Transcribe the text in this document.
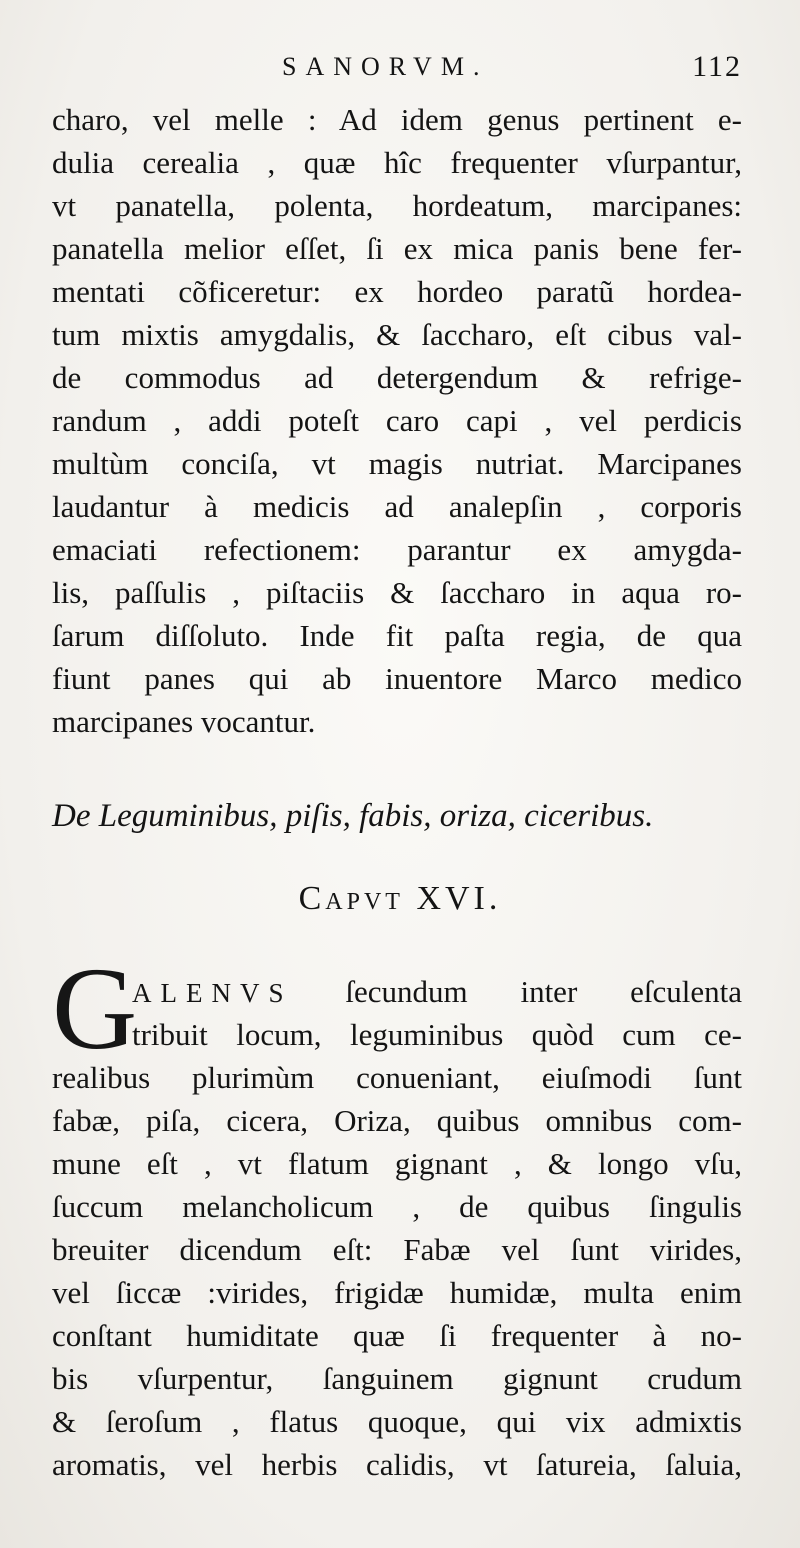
SANORVM.	112
charo, vel melle : Ad idem genus pertinent e-
dulia cerealia , quæ hîc frequenter vſurpantur,
vt panatella, polenta, hordeatum, marcipanes:
panatella melior eſſet, ſi ex mica panis bene fer-
mentati cõficeretur: ex hordeo paratũ hordea-
tum mixtis amygdalis, & ſaccharo, eſt cibus val-
de commodus ad detergendum & refrige-
randum , addi poteſt caro capi , vel perdicis
multùm conciſa, vt magis nutriat. Marcipanes
laudantur à medicis ad analepſin , corporis
emaciati refectionem: parantur ex amygda-
lis, paſſulis , piſtaciis & ſaccharo in aqua ro-
ſarum diſſoluto. Inde fit paſta regia, de qua
fiunt panes qui ab inuentore Marco medico
marcipanes vocantur.
De Leguminibus, piſis, fabis, oriza, ciceribus.
Capvt XVI.
G
ALENVS ſecundum inter eſculenta
tribuit locum, leguminibus quòd cum ce-
realibus plurimùm conueniant, eiuſmodi ſunt
fabæ, piſa, cicera, Oriza, quibus omnibus com-
mune eſt , vt flatum gignant , & longo vſu,
ſuccum melancholicum , de quibus ſingulis
breuiter dicendum eſt: Fabæ vel ſunt virides,
vel ſiccæ :virides, frigidæ humidæ, multa enim
conſtant humiditate quæ ſi frequenter à no-
bis vſurpentur, ſanguinem gignunt crudum
& ſeroſum , flatus quoque, qui vix admixtis
aromatis, vel herbis calidis, vt ſatureia, ſaluia,
